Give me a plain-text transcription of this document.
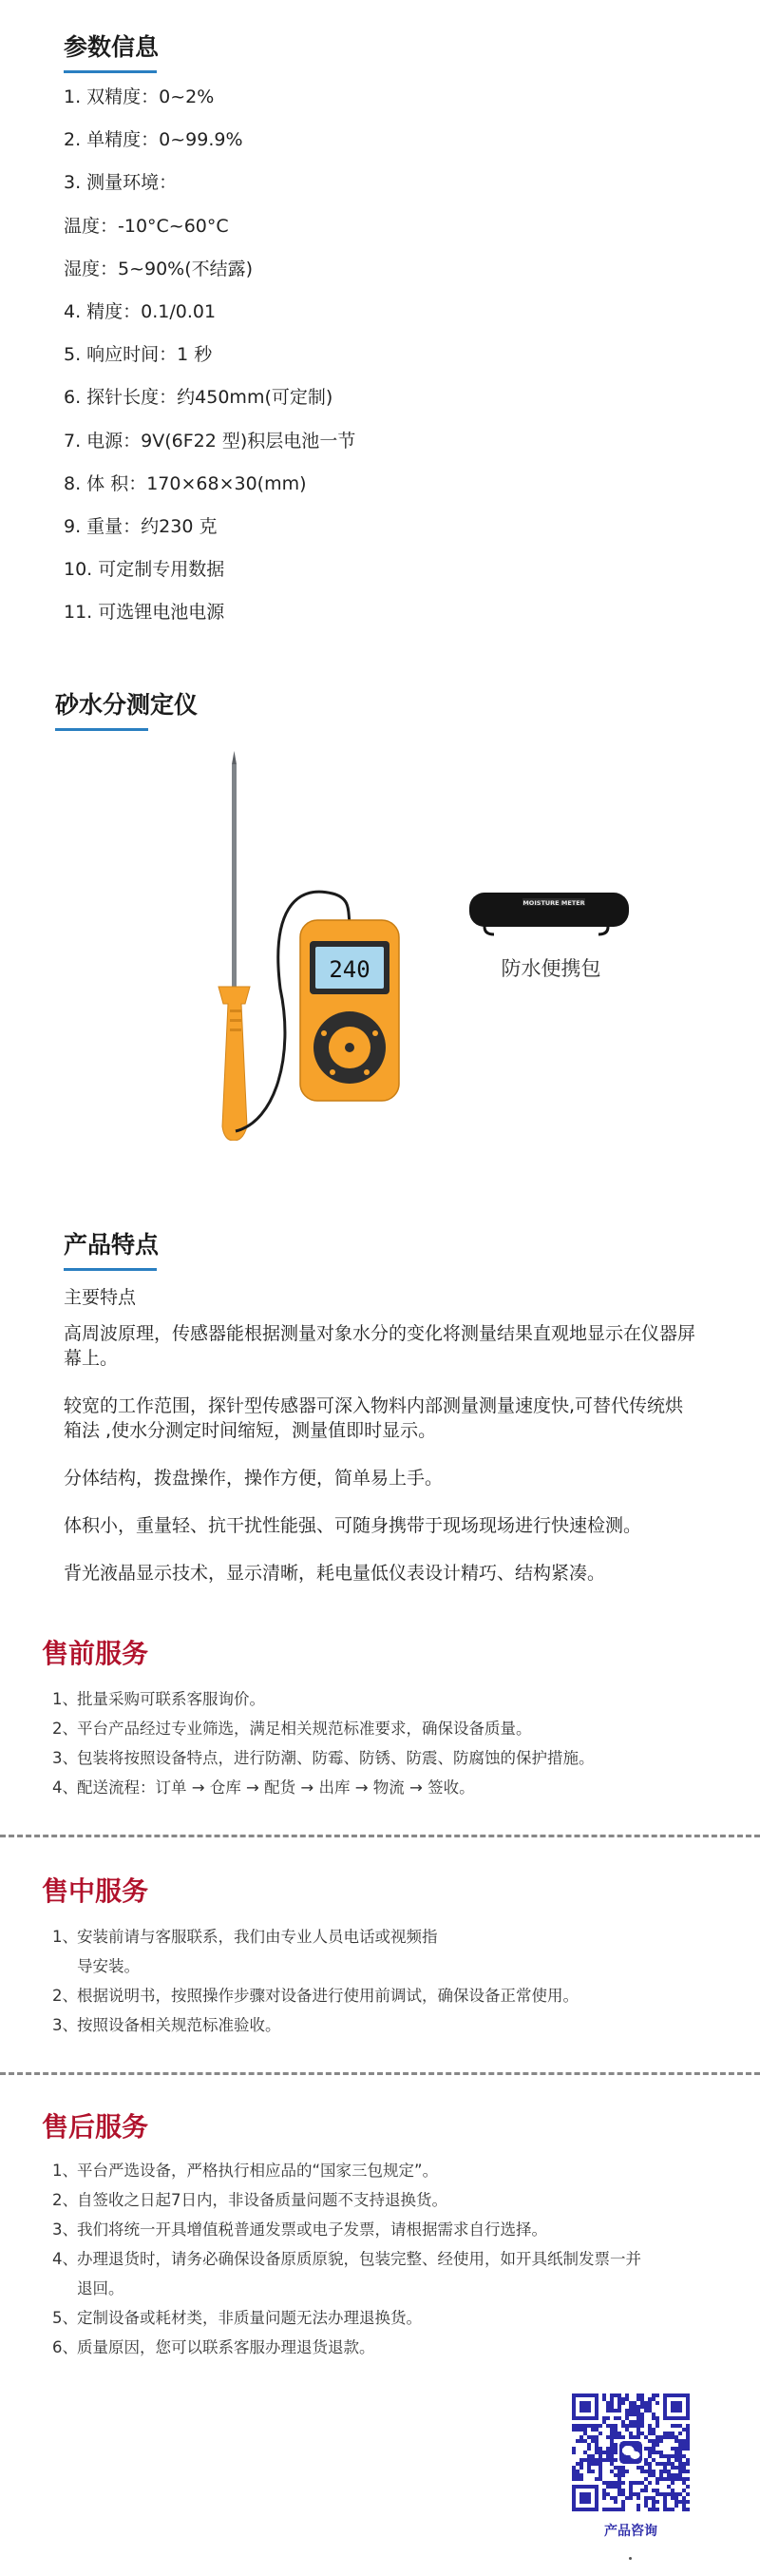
参数信息
1. 双精度：0~2%
2. 单精度：0~99.9%
3. 测量环境：
温度：-10°C~60°C
湿度：5~90%(不结露)
4. 精度：0.1/0.01
5. 响应时间：1 秒
6. 探针长度：约450mm(可定制)
7. 电源：9V(6F22 型)积层电池一节
8. 体 积：170×68×30(mm)
9. 重量：约230 克
10. 可定制专用数据
11. 可选锂电池电源
砂水分测定仪
240
MOISTURE METER
防水便携包
产品特点
主要特点

高周波原理，传感器能根据测量对象水分的变化将测量结果直观地显示在仪器屏幕上。

较宽的工作范围，探针型传感器可深入物料内部测量测量速度快,可替代传统烘箱法 ,使水分测定时间缩短，测量值即时显示。

分体结构，拨盘操作，操作方便，简单易上手。

体积小，重量轻、抗干扰性能强、可随身携带于现场现场进行快速检测。

背光液晶显示技术，显示清晰，耗电量低仪表设计精巧、结构紧凑。

售前服务
1、 批量采购可联系客服询价。
2、 平台产品经过专业筛选，满足相关规范标准要求，确保设备质量。
3、 包装将按照设备特点，进行防潮、防霉、防锈、防震、防腐蚀的保护措施。
4、 配送流程：订单 → 仓库 → 配货 → 出库 → 物流 → 签收。
售中服务
1、 安装前请与客服联系，我们由专业人员电话或视频指
导安装。
2、 根据说明书，按照操作步骤对设备进行使用前调试，确保设备正常使用。
3、 按照设备相关规范标准验收。
售后服务
1、 平台严选设备，严格执行相应品的“国家三包规定”。
2、 自签收之日起7日内，非设备质量问题不支持退换货。
3、 我们将统一开具增值税普通发票或电子发票，请根据需求自行选择。
4、 办理退货时，请务必确保设备原质原貌，包装完整、经使用，如开具纸制发票一并
退回。
5、 定制设备或耗材类，非质量问题无法办理退换货。
6、 质量原因，您可以联系客服办理退货退款。
产品咨询
